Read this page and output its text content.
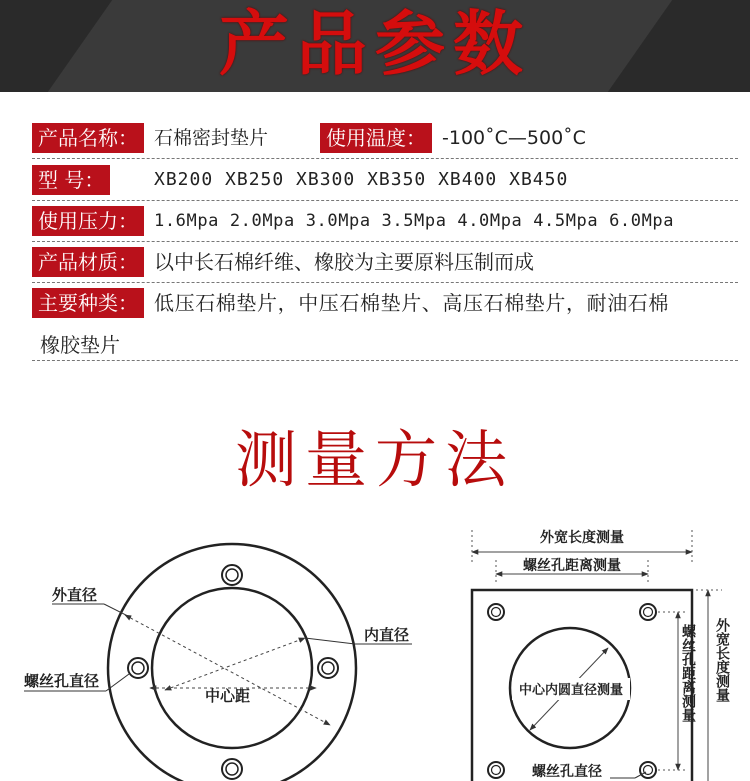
产品参数
产品名称： 石棉密封垫片	使用温度： -100˚C—500˚C
型 号：	XB200 XB250 XB300 XB350 XB400 XB450
使用压力： 1.6Mpa 2.0Mpa 3.0Mpa 3.5Mpa 4.0Mpa 4.5Mpa 6.0Mpa
产品材质： 以中长石棉纤维、橡胶为主要原料压制而成
主要种类： 低压石棉垫片，中压石棉垫片、高压石棉垫片，耐油石棉
橡胶垫片
测量方法
外直径
内直径
螺丝孔直径
中心距
外宽长度测量
螺丝孔距离测量
中心内圆直径测量	螺丝孔距离测量 外宽长度测量
螺丝孔直径
